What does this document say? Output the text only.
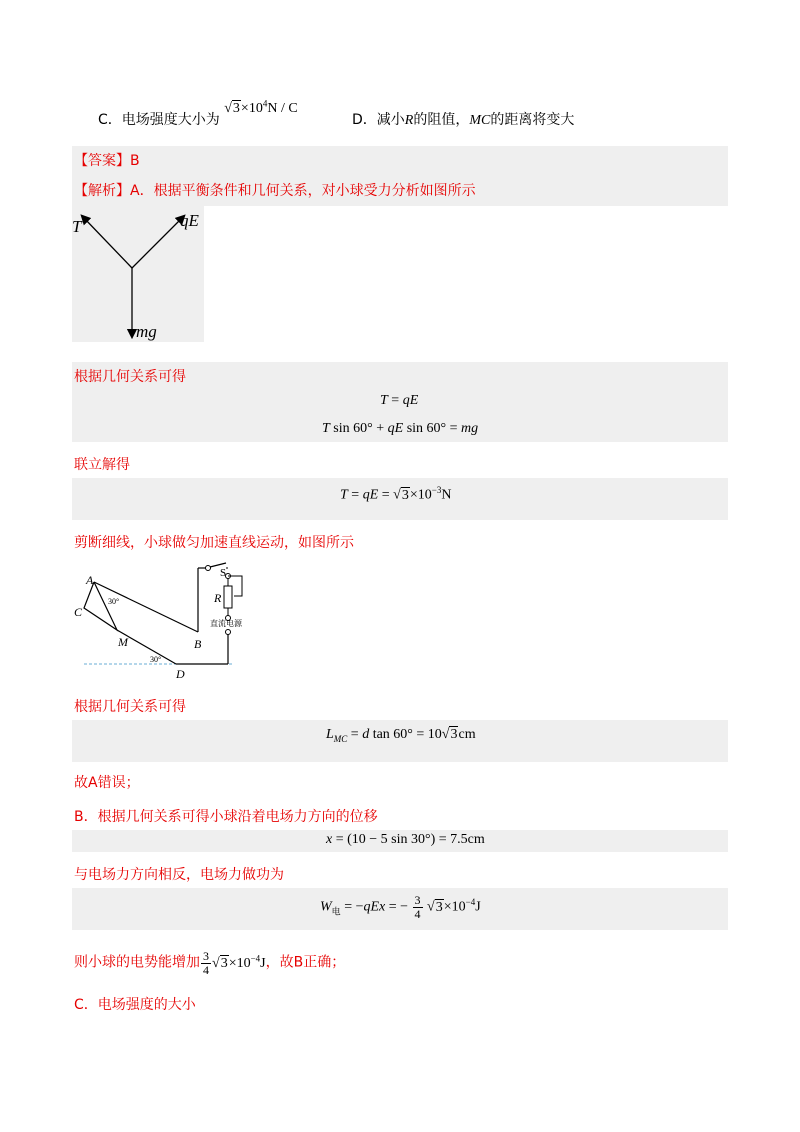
C．电场强度大小为 $√3\times 10^4N / C$
D．减小R的阻值，MC的距离将变大
【答案】B
【解析】A．根据平衡条件和几何关系，对小球受力分析如图所示
T	qE
mg
根据几何关系可得
T = qE
T sin 60° + qE sin 60° = mg
联立解得
T = qE = $√3\times 10^{-3}N$
剪断细线，小球做匀加速直线运动，如图所示
A
C
M	B
D
S
R
30°
30°
直流电源
根据几何关系可得
$L_{MC} = d$ tan 60° = 10√3cm
故A错误；
B．根据几何关系可得小球沿着电场力方向的位移
x = (10 − 5 sin 30°) = 7.5cm
与电场力方向相反，电场力做功为
$W_电 = -qEx$ = − $\frac{3}{4} √3\times 10^{-4}J$
则小球的电势能增加 $\frac{3}{4} √3\times 10^{-4}J$，故B正确；
C．电场强度的大小
